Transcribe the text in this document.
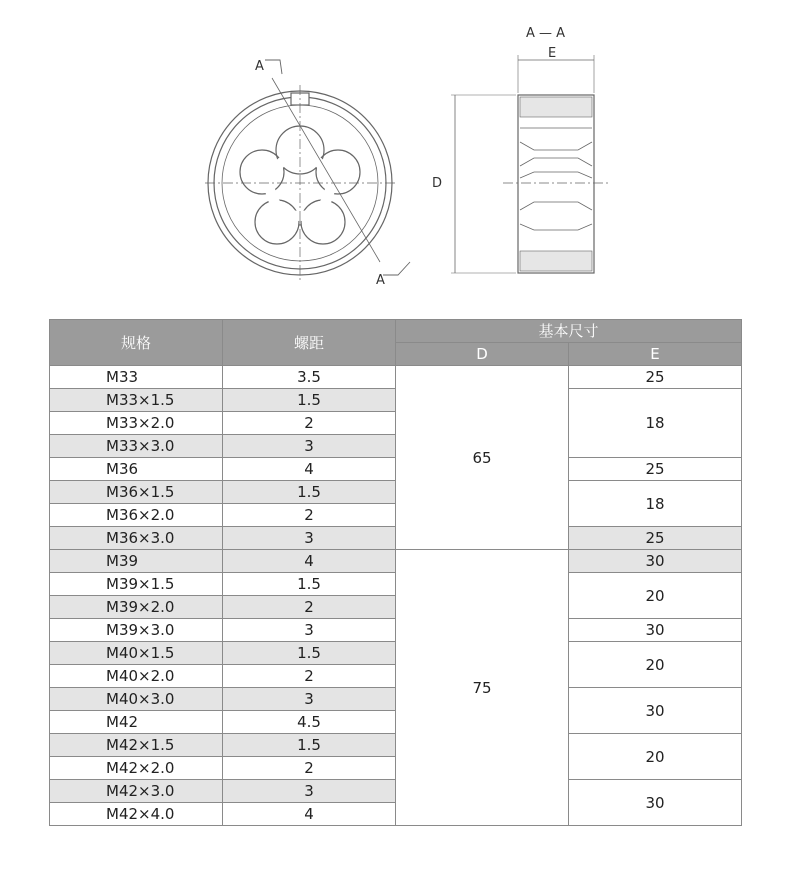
A
A
A — A
E
D
规格	螺距	基本尺寸	
		D	E
M33	3.5	65	25
M33×1.5	1.5		18
M33×2.0	2		
M33×3.0	3		
M36	4		25
M36×1.5	1.5		18
M36×2.0	2		
M36×3.0	3		25
M39	4	75	30
M39×1.5	1.5		20
M39×2.0	2		
M39×3.0	3		30
M40×1.5	1.5		20
M40×2.0	2		
M40×3.0	3		30
M42	4.5		
M42×1.5	1.5		20
M42×2.0	2		
M42×3.0	3		30
M42×4.0	4		
